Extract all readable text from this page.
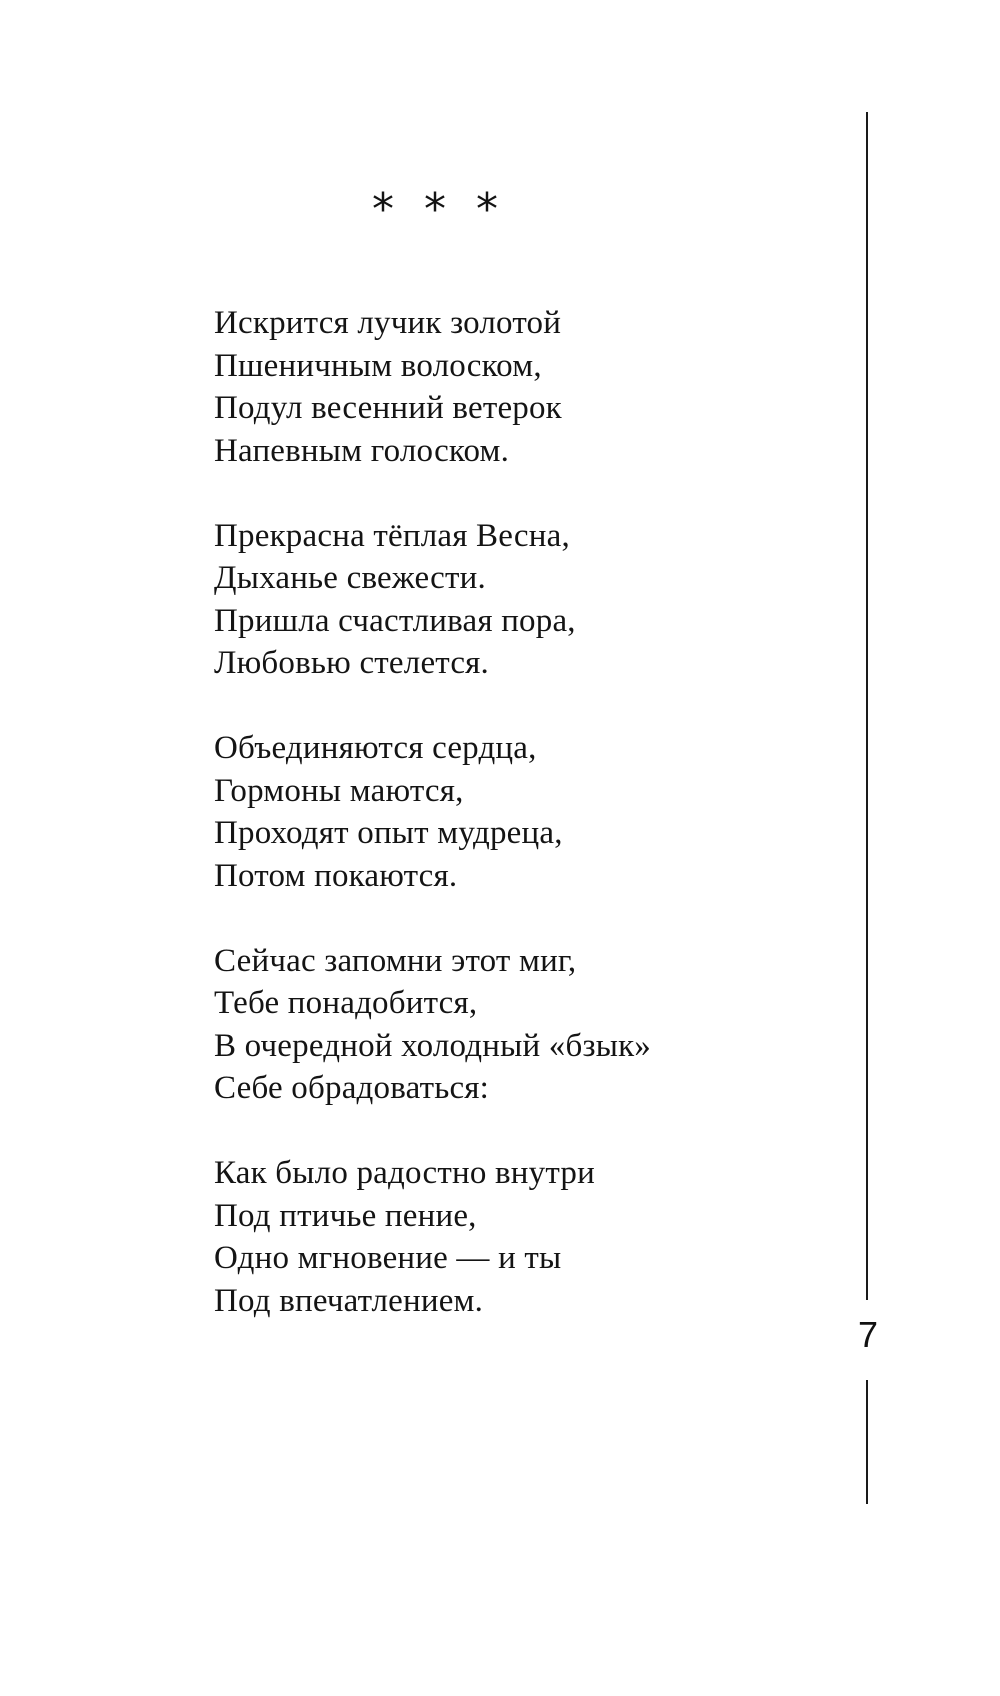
* * *
Искрится лучик золотой
Пшеничным волоском,
Подул весенний ветерок
Напевным голоском.
Прекрасна тёплая Весна,
Дыханье свежести.
Пришла счастливая пора,
Любовью стелется.
Объединяются сердца,
Гормоны маются,
Проходят опыт мудреца,
Потом покаются.
Сейчас запомни этот миг,
Тебе понадобится,
В очередной холодный «бзык»
Себе обрадоваться:
Как было радостно внутри
Под птичье пение,
Одно мгновение — и ты
Под впечатлением.
7
